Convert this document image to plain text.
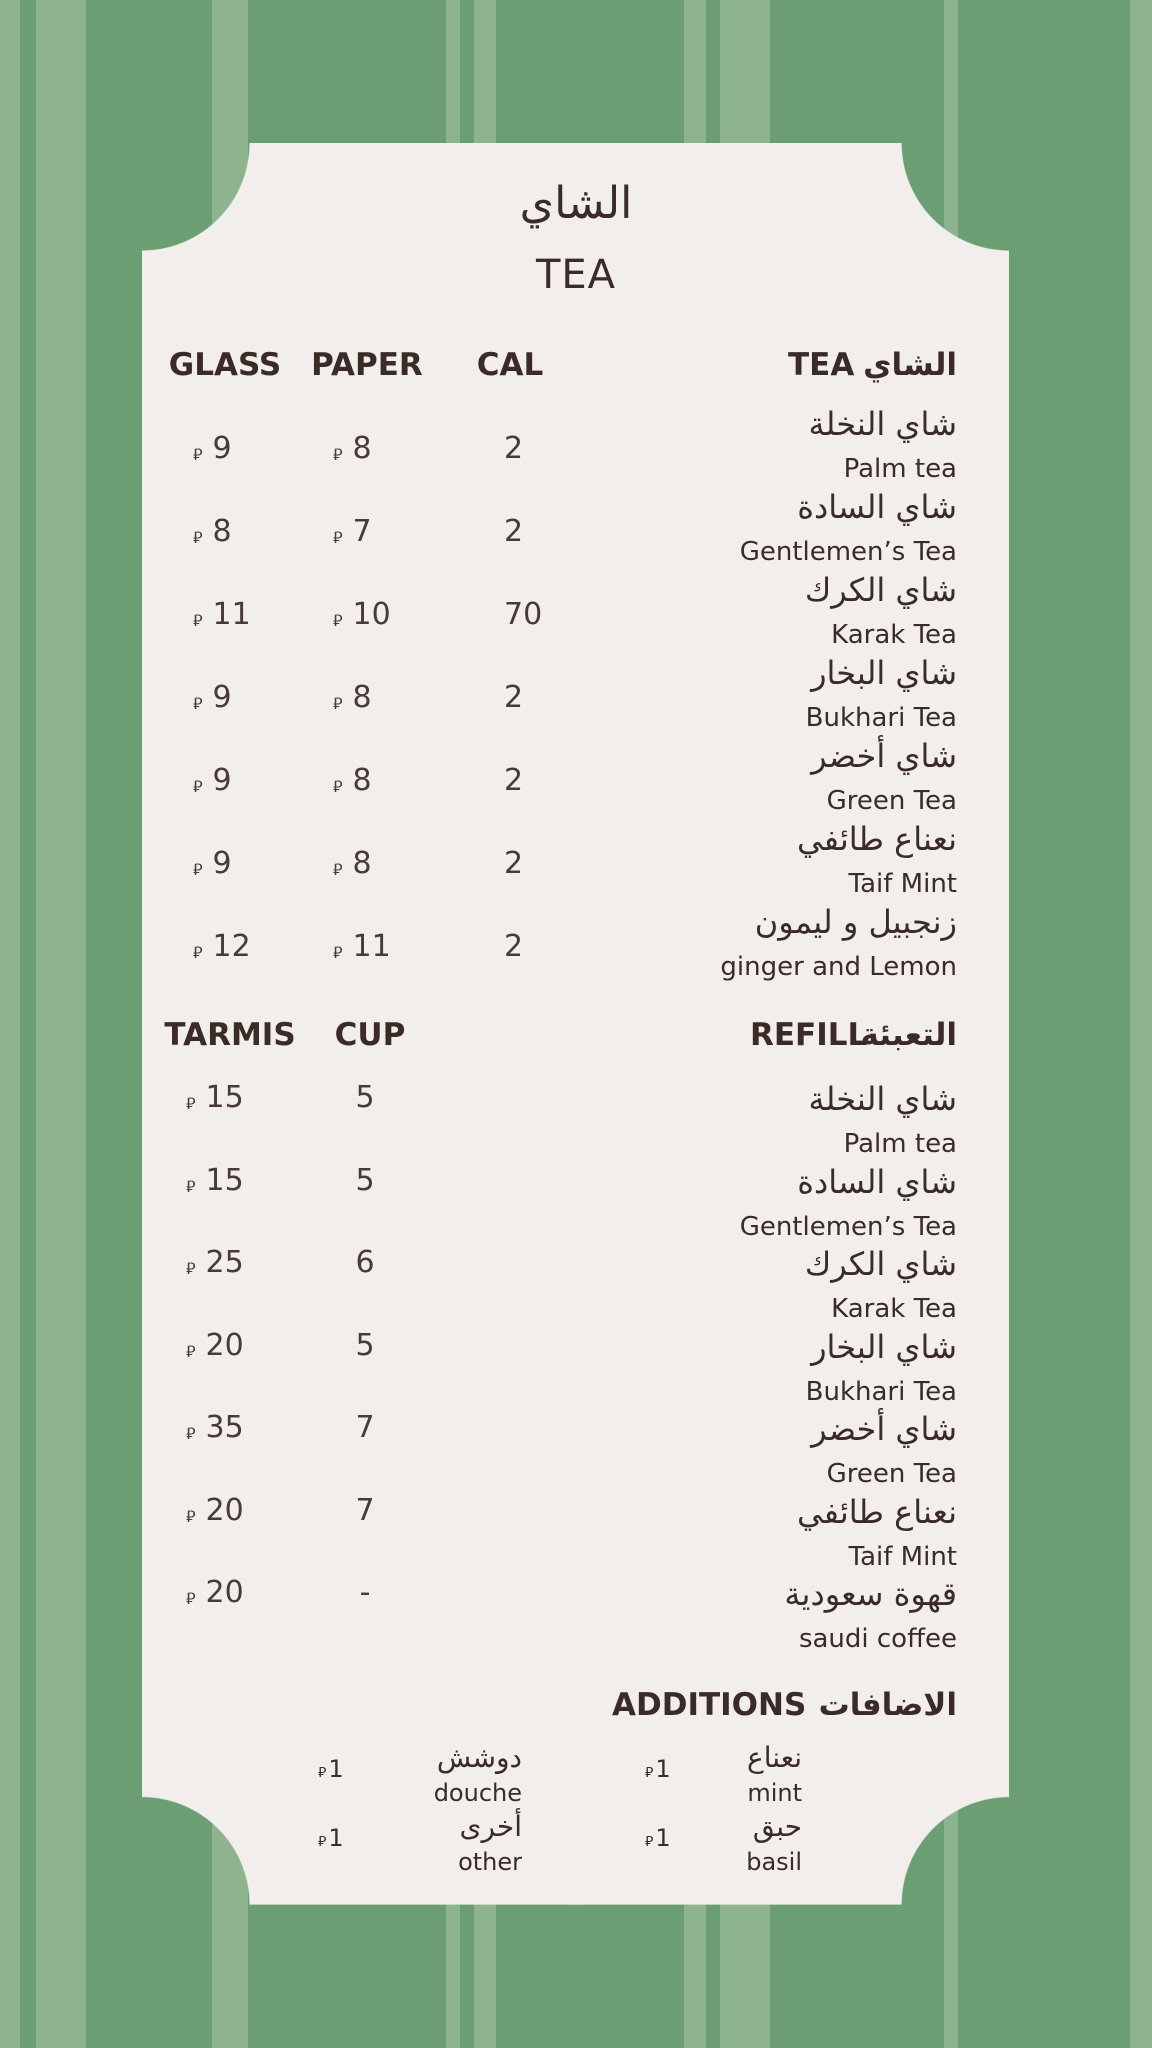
الشاي
TEA
GLASS PAPER	CAL	TEA الشاي
شاي النخلة
Palm tea
⃁ 9	⃁ 8	2
شاي السادة
Gentlemen’s Tea
⃁ 8	⃁ 7	2
شاي الكرك
Karak Tea
⃁ 11	⃁ 10	70
شاي البخار
Bukhari Tea
⃁ 9	⃁ 8	2
شاي أخضر
Green Tea
⃁ 9	⃁ 8	2
نعناع طائفي
Taif Mint
⃁ 9	⃁ 8	2
زنجبيل و ليمون
ginger and Lemon
⃁ 12	⃁ 11	2
TARMIS	CUP	REFILL
التعبئة
شاي النخلة
Palm tea
⃁ 15	5
شاي السادة
Gentlemen’s Tea
⃁ 15	5
شاي الكرك
Karak Tea
⃁ 25	6
شاي البخار
Bukhari Tea
⃁ 20	5
شاي أخضر
Green Tea
⃁ 35	7
نعناع طائفي
Taif Mint
⃁ 20	7
قهوة سعودية
saudi coffee
⃁ 20	-
ADDITIONS الاضافات
نعناع
mint
⃁1
حبق
basil
⃁1
دوشش
douche
⃁1
أخرى
other
⃁1
